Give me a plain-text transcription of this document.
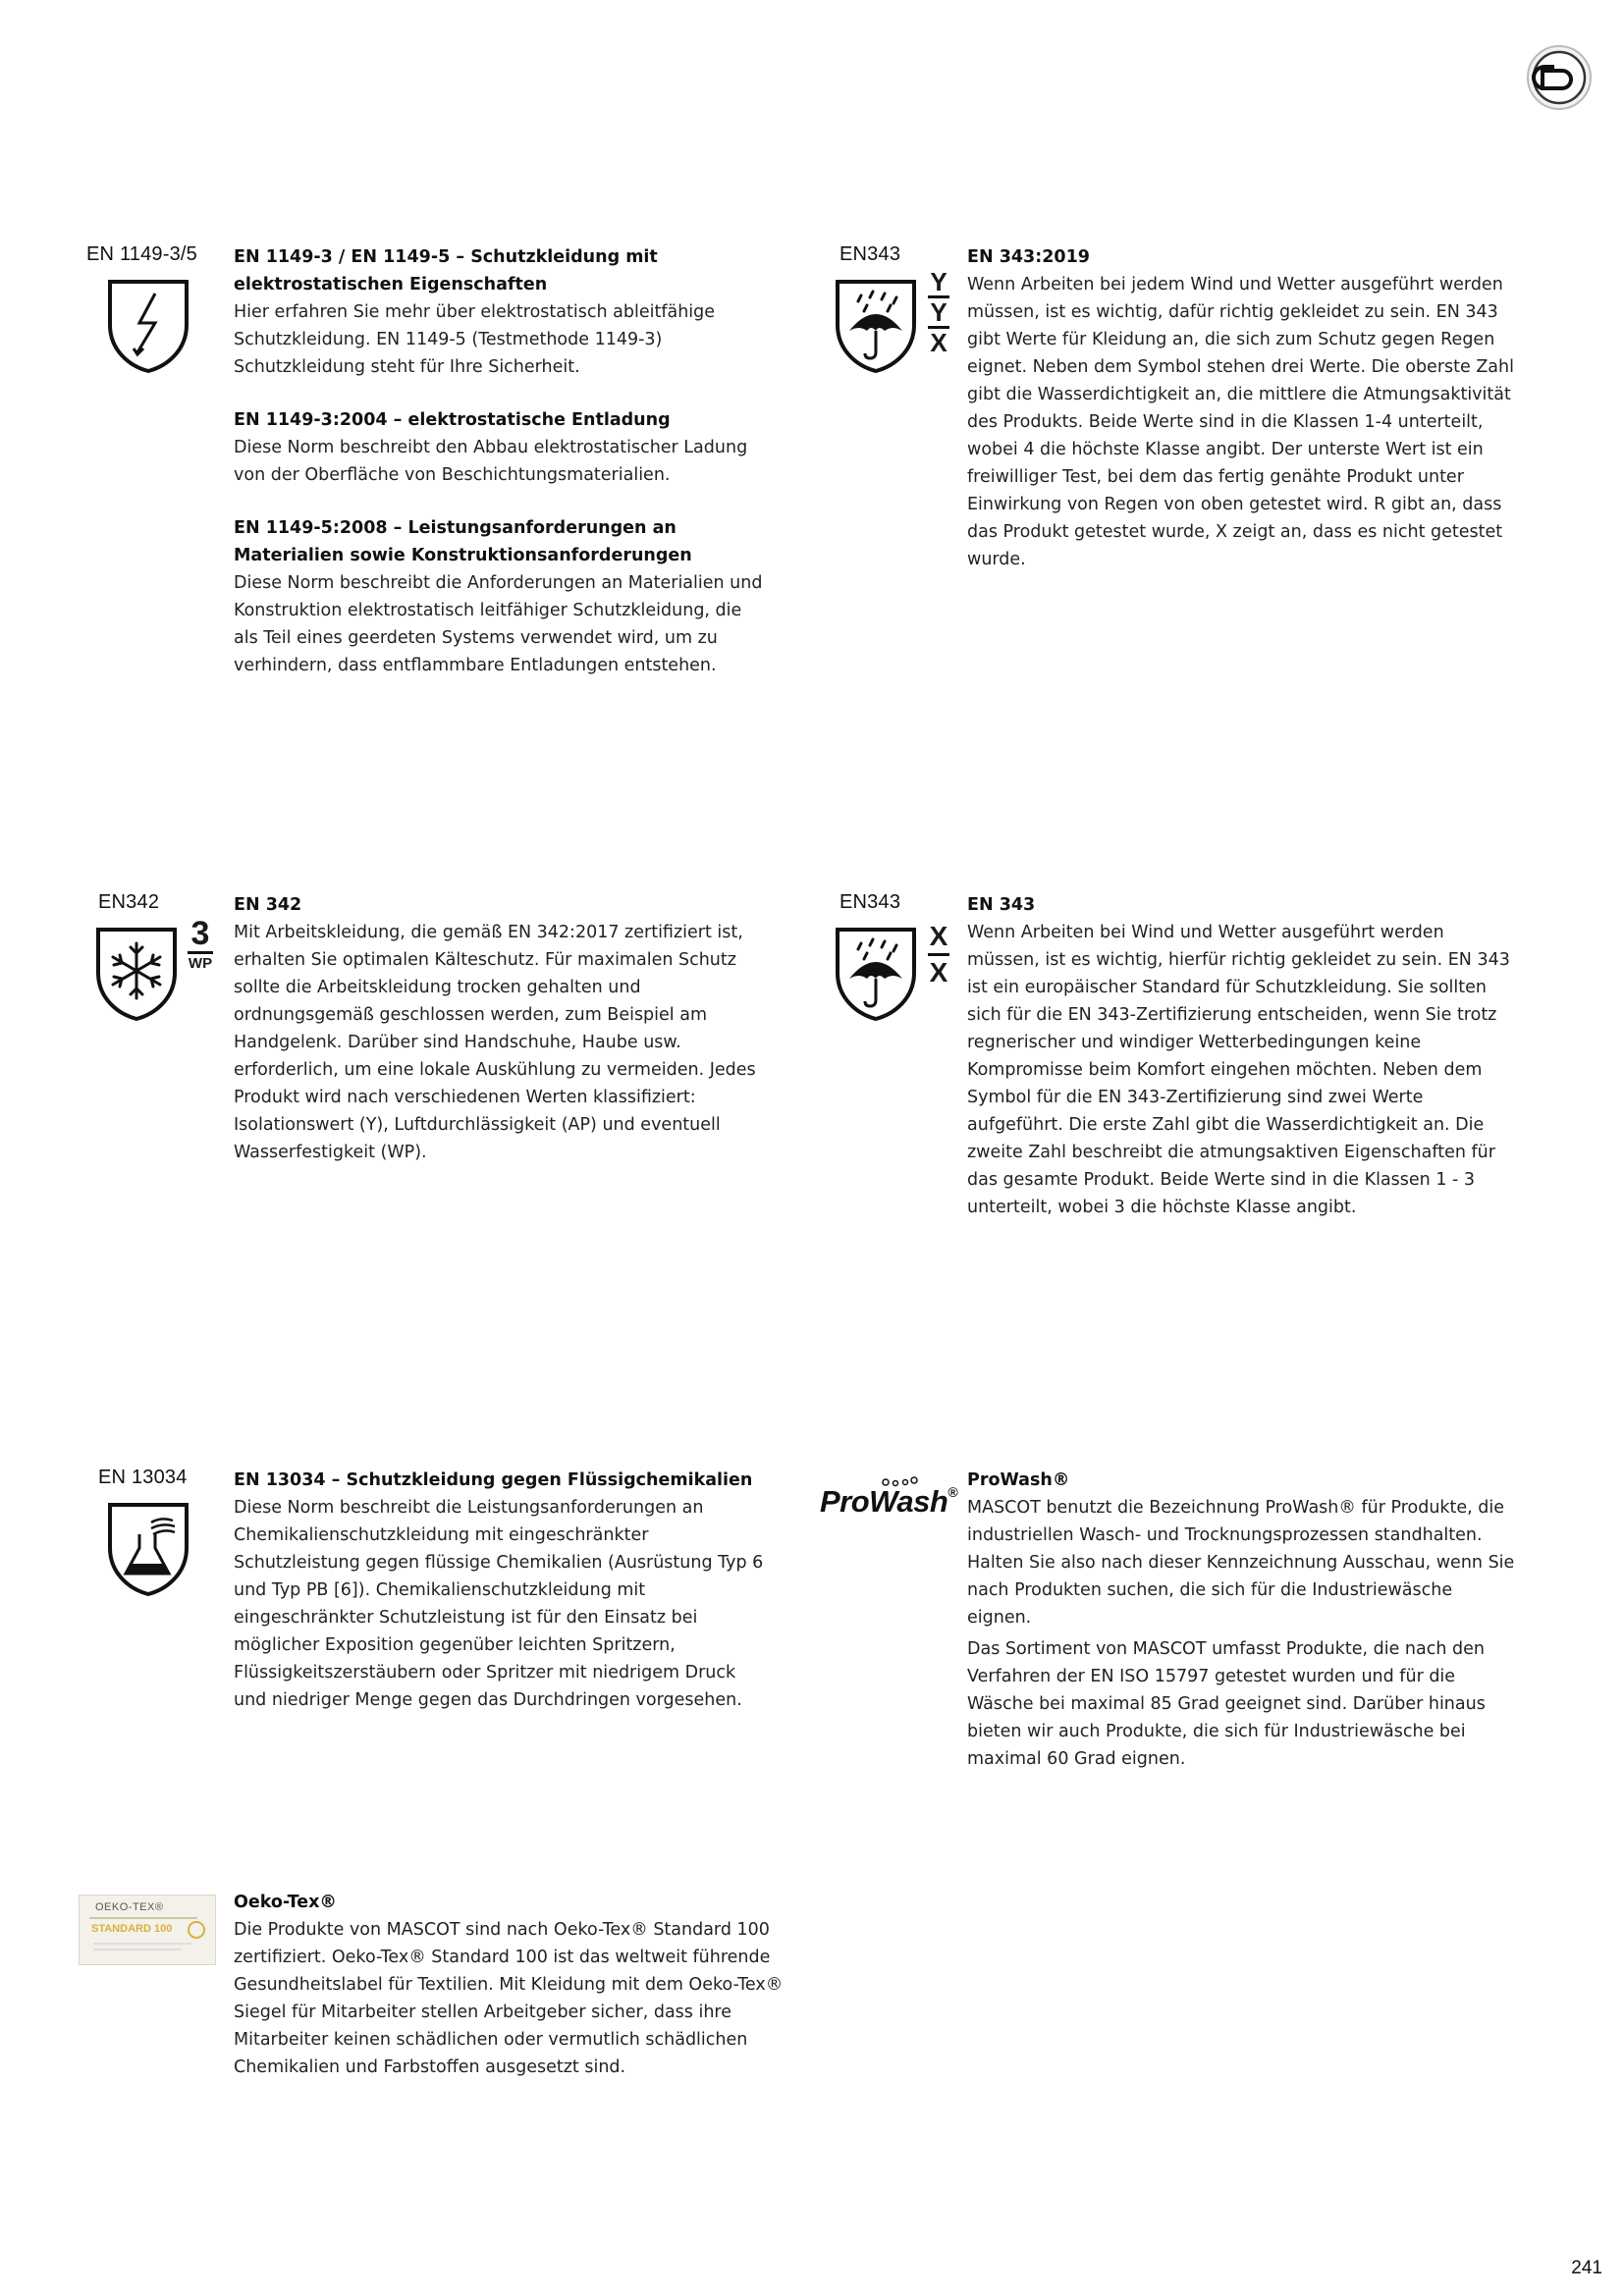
EN 1149-3/5	EN 1149-3 / EN 1149-5 – Schutzkleidung mit elektrostatischen Eigenschaften

Hier erfahren Sie mehr über elektrostatisch ableitfähige Schutzkleidung. EN 1149-5 (Testmethode 1149-3) Schutzkleidung steht für Ihre Sicherheit.

EN 1149-3:2004 – elektrostatische Entladung

Diese Norm beschreibt den Abbau elektrostatischer Ladung von der Oberfläche von Beschichtungsmaterialien.

EN 1149-5:2008 – Leistungsanforderungen an Materialien sowie Konstruktionsanforderungen

Diese Norm beschreibt die Anforderungen an Materialien und Konstruktion elektrostatisch leitfähiger Schutzkleidung, die als Teil eines geerdeten Systems verwendet wird, um zu verhindern, dass entflammbare Entladungen entstehen.

EN343
Y
Y
X

EN 343:2019

Wenn Arbeiten bei jedem Wind und Wetter ausgeführt werden müssen, ist es wichtig, dafür richtig gekleidet zu sein. EN 343 gibt Werte für Kleidung an, die sich zum Schutz gegen Regen eignet. Neben dem Symbol stehen drei Werte. Die oberste Zahl gibt die Wasserdichtigkeit an, die mittlere die Atmungsaktivität des Produkts. Beide Werte sind in die Klassen 1-4 unterteilt, wobei 4 die höchste Klasse angibt. Der unterste Wert ist ein freiwilliger Test, bei dem das fertig genähte Produkt unter Einwirkung von Regen von oben getestet wird. R gibt an, dass das Produkt getestet wurde, X zeigt an, dass es nicht getestet wurde.

EN342
3
WP

EN 342

Mit Arbeitskleidung, die gemäß EN 342:2017 zertifiziert ist, erhalten Sie optimalen Kälteschutz. Für maximalen Schutz sollte die Arbeitskleidung trocken gehalten und ordnungsgemäß geschlossen werden, zum Beispiel am Handgelenk. Darüber sind Handschuhe, Haube usw. erforderlich, um eine lokale Auskühlung zu vermeiden. Jedes Produkt wird nach verschiedenen Werten klassifiziert: Isolationswert (Y), Luftdurchlässigkeit (AP) und eventuell Wasserfestigkeit (WP).

EN343
X
X

EN 343

Wenn Arbeiten bei Wind und Wetter ausgeführt werden müssen, ist es wichtig, hierfür richtig gekleidet zu sein. EN 343 ist ein europäischer Standard für Schutzkleidung. Sie sollten sich für die EN 343-Zertifizierung entscheiden, wenn Sie trotz regnerischer und windiger Wetterbedingungen keine Kompromisse beim Komfort eingehen möchten. Neben dem Symbol für die EN 343-Zertifizierung sind zwei Werte aufgeführt. Die erste Zahl gibt die Wasserdichtigkeit an. Die zweite Zahl beschreibt die atmungsaktiven Eigenschaften für das gesamte Produkt. Beide Werte sind in die Klassen 1 - 3 unterteilt, wobei 3 die höchste Klasse angibt.

EN 13034	EN 13034 – Schutzkleidung gegen Flüssigchemikalien

Diese Norm beschreibt die Leistungsanforderungen an Chemikalienschutzkleidung mit eingeschränkter Schutzleistung gegen flüssige Chemikalien (Ausrüstung Typ 6 und Typ PB [6]). Chemikalienschutzkleidung mit eingeschränkter Schutzleistung ist für den Einsatz bei möglicher Exposition gegenüber leichten Spritzern, Flüssigkeitszerstäubern oder Spritzer mit niedrigem Druck und niedriger Menge gegen das Durchdringen vorgesehen.

ProWash®

ProWash®

MASCOT benutzt die Bezeichnung ProWash® für Produkte, die industriellen Wasch- und Trocknungsprozessen standhalten. Halten Sie also nach dieser Kennzeichnung Ausschau, wenn Sie nach Produkten suchen, die sich für die Industriewäsche eignen.

Das Sortiment von MASCOT umfasst Produkte, die nach den Verfahren der EN ISO 15797 getestet wurden und für die Wäsche bei maximal 85 Grad geeignet sind. Darüber hinaus bieten wir auch Produkte, die sich für Industriewäsche bei maximal 60 Grad eignen.

OEKO-TEX®
STANDARD 100

Oeko-Tex®

Die Produkte von MASCOT sind nach Oeko-Tex® Standard 100 zertifiziert. Oeko-Tex® Standard 100 ist das weltweit führende Gesundheitslabel für Textilien. Mit Kleidung mit dem Oeko-Tex® Siegel für Mitarbeiter stellen Arbeitgeber sicher, dass ihre Mitarbeiter keinen schädlichen oder vermutlich schädlichen Chemikalien und Farbstoffen ausgesetzt sind.

241
